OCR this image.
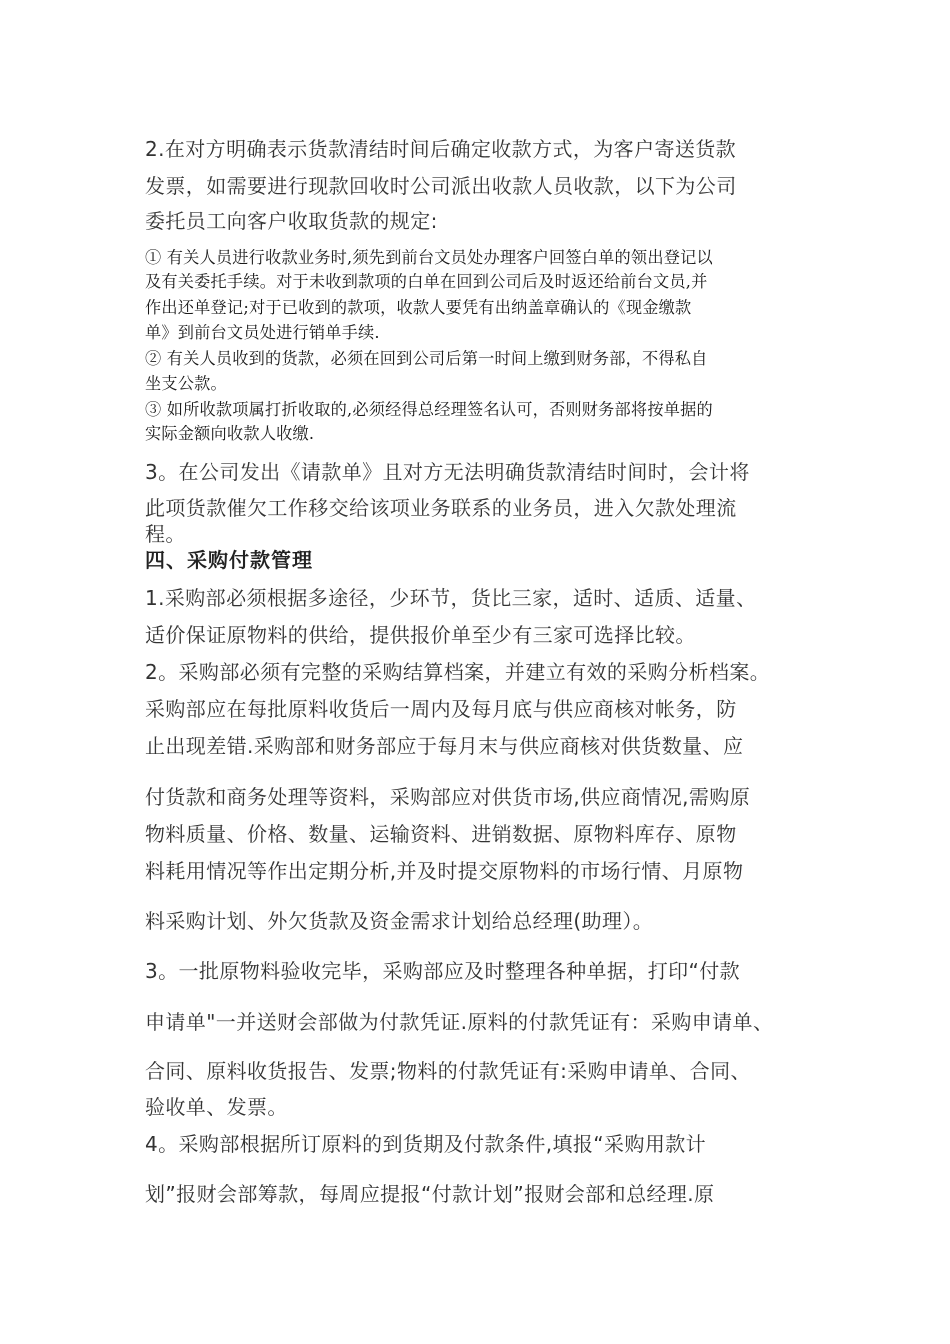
2.在对方明确表示货款清结时间后确定收款方式，为客户寄送货款

发票，如需要进行现款回收时公司派出收款人员收款，以下为公司

委托员工向客户收取货款的规定:

① 有关人员进行收款业务时,须先到前台文员处办理客户回签白单的领出登记以

及有关委托手续。对于未收到款项的白单在回到公司后及时返还给前台文员,并

作出还单登记;对于已收到的款项，收款人要凭有出纳盖章确认的《现金缴款

单》到前台文员处进行销单手续.

② 有关人员收到的货款，必须在回到公司后第一时间上缴到财务部，不得私自

坐支公款。

③ 如所收款项属打折收取的,必须经得总经理签名认可，否则财务部将按单据的

实际金额向收款人收缴.

3。在公司发出《请款单》且对方无法明确货款清结时间时，会计将

此项货款催欠工作移交给该项业务联系的业务员，进入欠款处理流

程。

四、采购付款管理

1.采购部必须根据多途径，少环节，货比三家，适时、适质、适量、

适价保证原物料的供给，提供报价单至少有三家可选择比较。

2。采购部必须有完整的采购结算档案，并建立有效的采购分析档案。

采购部应在每批原料收货后一周内及每月底与供应商核对帐务，防

止出现差错.采购部和财务部应于每月末与供应商核对供货数量、应

付货款和商务处理等资料，采购部应对供货市场,供应商情况,需购原

物料质量、价格、数量、运输资料、进销数据、原物料库存、原物

料耗用情况等作出定期分析,并及时提交原物料的市场行情、月原物

料采购计划、外欠货款及资金需求计划给总经理(助理）。

3。一批原物料验收完毕，采购部应及时整理各种单据，打印“付款

申请单"一并送财会部做为付款凭证.原料的付款凭证有：采购申请单、

合同、原料收货报告、发票;物料的付款凭证有:采购申请单、合同、

验收单、发票。

4。采购部根据所订原料的到货期及付款条件,填报“采购用款计

划”报财会部筹款，每周应提报“付款计划”报财会部和总经理.原
